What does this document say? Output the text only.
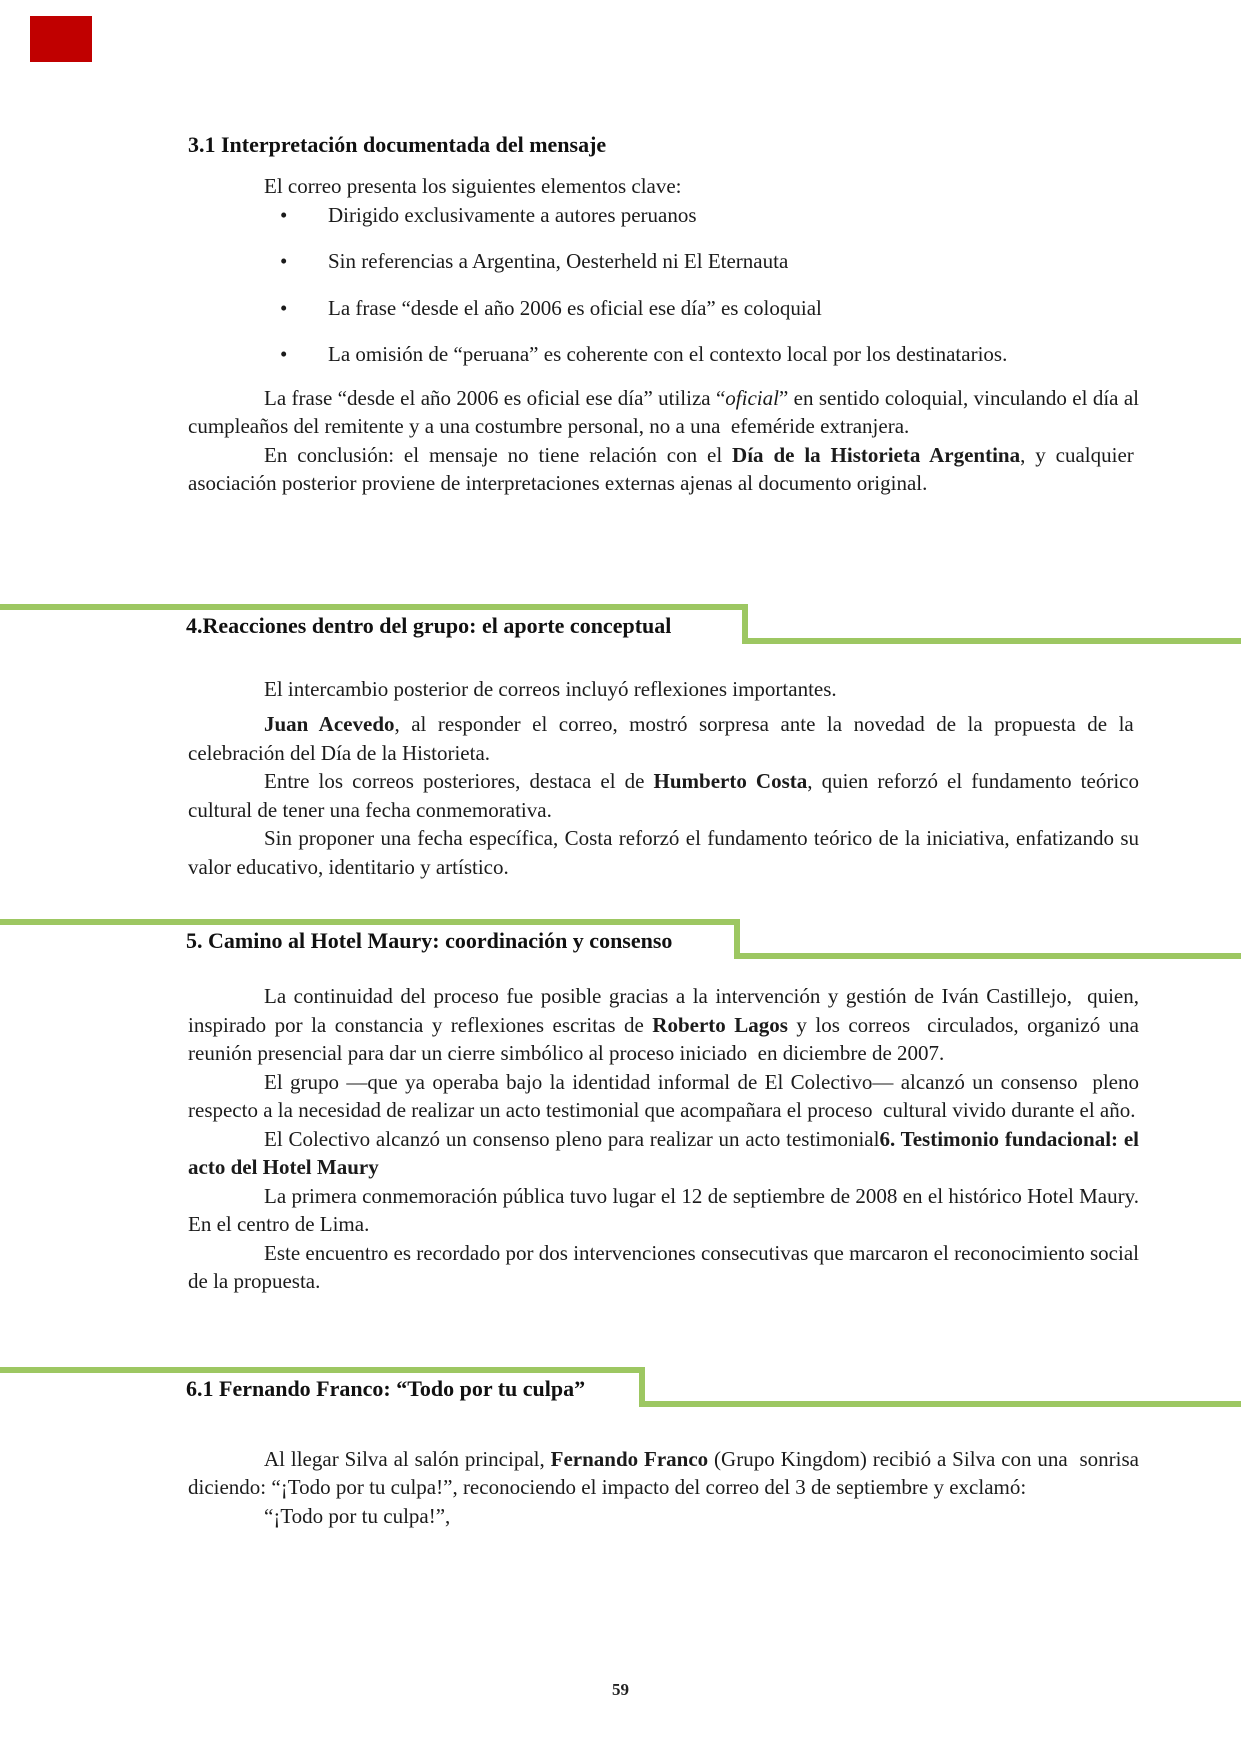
3.1 Interpretación documentada del mensaje

El correo presenta los siguientes elementos clave:

• Dirigido exclusivamente a autores peruanos
• Sin referencias a Argentina, Oesterheld ni El Eternauta
• La frase “desde el año 2006 es oficial ese día” es coloquial
• La omisión de “peruana” es coherente con el contexto local por los destinatarios.

La frase “desde el año 2006 es oficial ese día” utiliza “oficial” en sentido coloquial, vinculando el día al cumpleaños del remitente y a una costumbre personal, no a una  efeméride extranjera.

En conclusión: el mensaje no tiene relación con el Día de la Historieta Argentina, y cualquier  asociación posterior proviene de interpretaciones externas ajenas al documento original.

4.Reacciones dentro del grupo: el aporte conceptual

El intercambio posterior de correos incluyó reflexiones importantes.

Juan Acevedo, al responder el correo, mostró sorpresa ante la novedad de la propuesta de la  celebración del Día de la Historieta.

Entre los correos posteriores, destaca el de Humberto Costa, quien reforzó el fundamento teórico cultural de tener una fecha conmemorativa.

Sin proponer una fecha específica, Costa reforzó el fundamento teórico de la iniciativa, enfatizando su valor educativo, identitario y artístico.

5. Camino al Hotel Maury: coordinación y consenso

La continuidad del proceso fue posible gracias a la intervención y gestión de Iván Castillejo,  quien, inspirado por la constancia y reflexiones escritas de Roberto Lagos y los correos  circulados, organizó una reunión presencial para dar un cierre simbólico al proceso iniciado  en diciembre de 2007.

El grupo —que ya operaba bajo la identidad informal de El Colectivo— alcanzó un consenso  pleno respecto a la necesidad de realizar un acto testimonial que acompañara el proceso  cultural vivido durante el año.

El Colectivo alcanzó un consenso pleno para realizar un acto testimonial6. Testimonio fundacional: el acto del Hotel Maury

La primera conmemoración pública tuvo lugar el 12 de septiembre de 2008 en el histórico Hotel Maury. En el centro de Lima.

Este encuentro es recordado por dos intervenciones consecutivas que marcaron el reconocimiento social de la propuesta.

6.1 Fernando Franco: “Todo por tu culpa”

Al llegar Silva al salón principal, Fernando Franco (Grupo Kingdom) recibió a Silva con una  sonrisa diciendo: “¡Todo por tu culpa!”, reconociendo el impacto del correo del 3 de septiembre y exclamó:

“¡Todo por tu culpa!”,

59
